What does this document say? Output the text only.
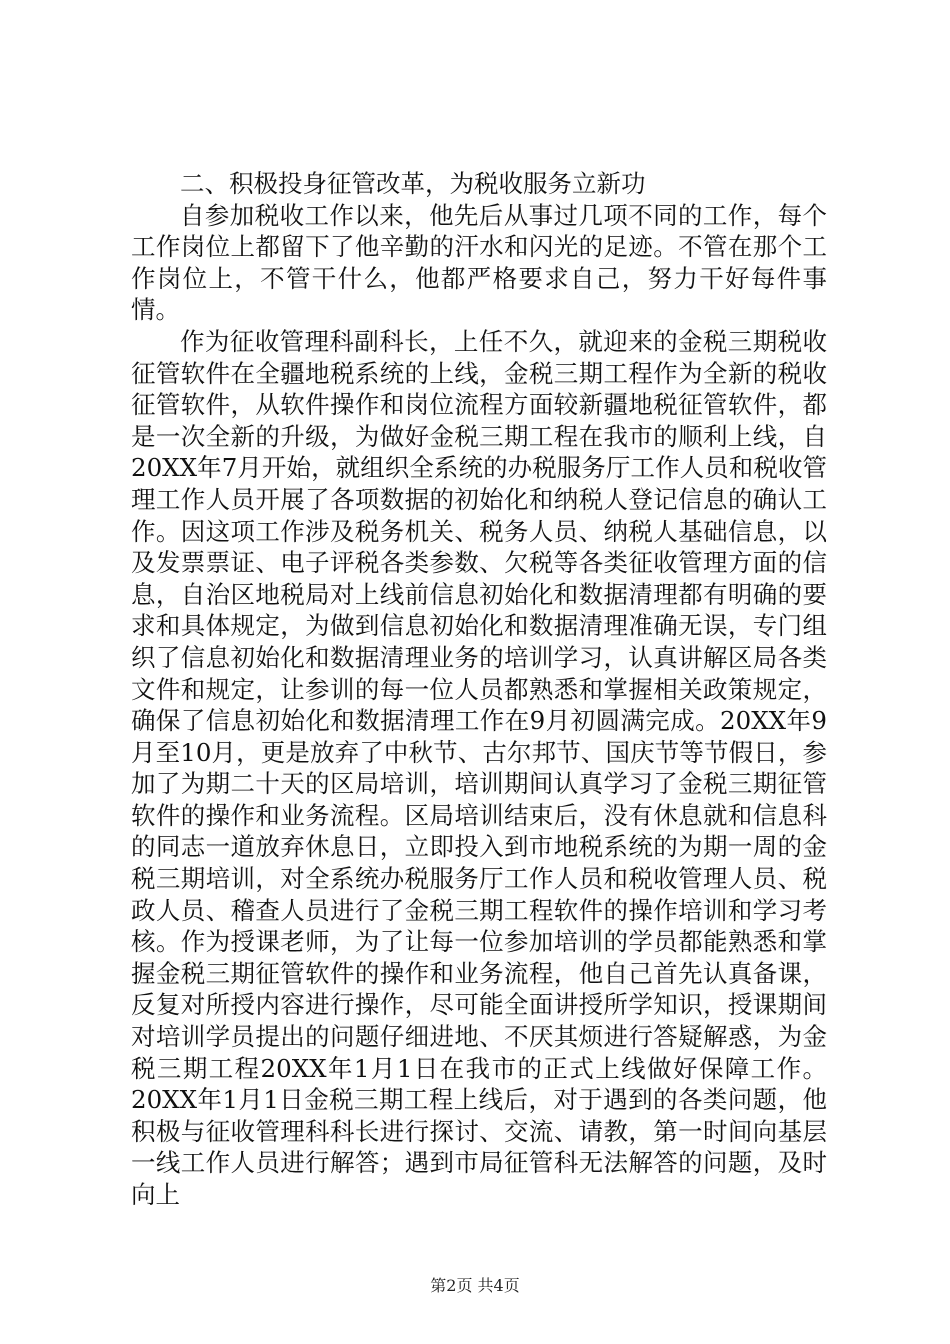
二、积极投身征管改革，为税收服务立新功

自参加税收工作以来，他先后从事过几项不同的工作，每个工作岗位上都留下了他辛勤的汗水和闪光的足迹。不管在那个工作岗位上，不管干什么，他都严格要求自己，努力干好每件事情。

作为征收管理科副科长，上任不久，就迎来的金税三期税收征管软件在全疆地税系统的上线，金税三期工程作为全新的税收征管软件，从软件操作和岗位流程方面较新疆地税征管软件，都是一次全新的升级，为做好金税三期工程在我市的顺利上线，自20XX年7月开始，就组织全系统的办税服务厅工作人员和税收管理工作人员开展了各项数据的初始化和纳税人登记信息的确认工作。因这项工作涉及税务机关、税务人员、纳税人基础信息，以及发票票证、电子评税各类参数、欠税等各类征收管理方面的信息，自治区地税局对上线前信息初始化和数据清理都有明确的要求和具体规定，为做到信息初始化和数据清理准确无误，专门组织了信息初始化和数据清理业务的培训学习，认真讲解区局各类文件和规定，让参训的每一位人员都熟悉和掌握相关政策规定，确保了信息初始化和数据清理工作在9月初圆满完成。20XX年9月至10月，更是放弃了中秋节、古尔邦节、国庆节等节假日，参加了为期二十天的区局培训，培训期间认真学习了金税三期征管软件的操作和业务流程。区局培训结束后，没有休息就和信息科的同志一道放弃休息日，立即投入到市地税系统的为期一周的金税三期培训，对全系统办税服务厅工作人员和税收管理人员、税政人员、稽查人员进行了金税三期工程软件的操作培训和学习考核。作为授课老师，为了让每一位参加培训的学员都能熟悉和掌握金税三期征管软件的操作和业务流程，他自己首先认真备课，反复对所授内容进行操作，尽可能全面讲授所学知识，授课期间对培训学员提出的问题仔细进地、不厌其烦进行答疑解惑，为金税三期工程20XX年1月1日在我市的正式上线做好保障工作。20XX年1月1日金税三期工程上线后，对于遇到的各类问题，他积极与征收管理科科长进行探讨、交流、请教，第一时间向基层一线工作人员进行解答；遇到市局征管科无法解答的问题，及时向上

第2页 共4页
